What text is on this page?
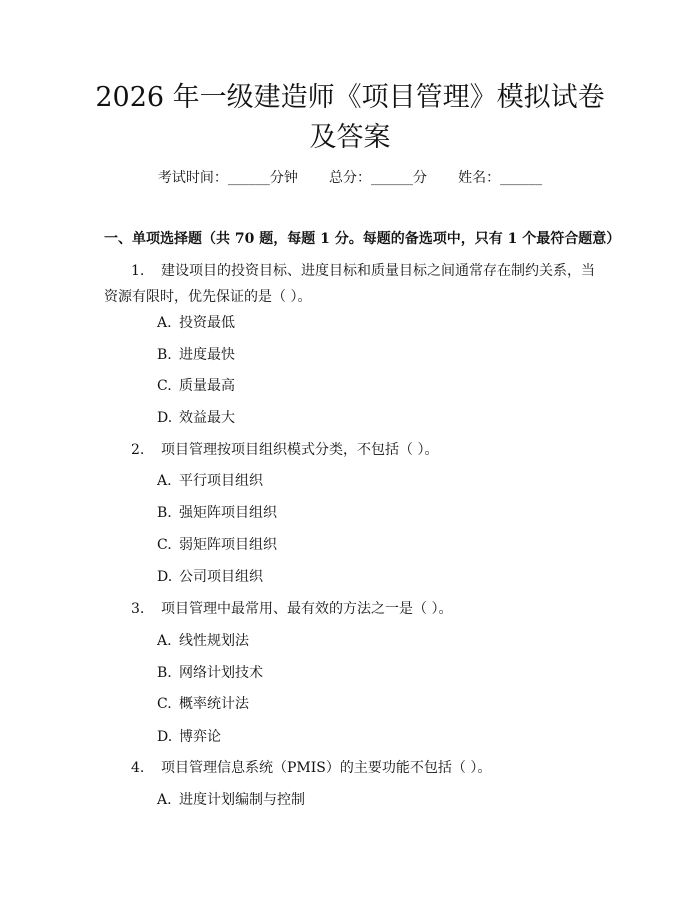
2026 年一级建造师《项目管理》模拟试卷及答案
考试时间：______分钟 总分：______分 姓名：______
一、单项选择题（共 70 题，每题 1 分。每题的备选项中，只有 1 个最符合题意）

1. 建设项目的投资目标、进度目标和质量目标之间通常存在制约关系，当资源有限时，优先保证的是（ ）。

A. 投资最低
B. 进度最快
C. 质量最高
D. 效益最大

2. 项目管理按项目组织模式分类，不包括（ ）。

A. 平行项目组织
B. 强矩阵项目组织
C. 弱矩阵项目组织
D. 公司项目组织

3. 项目管理中最常用、最有效的方法之一是（ ）。

A. 线性规划法
B. 网络计划技术
C. 概率统计法
D. 博弈论

4. 项目管理信息系统（PMIS）的主要功能不包括（ ）。

A. 进度计划编制与控制
